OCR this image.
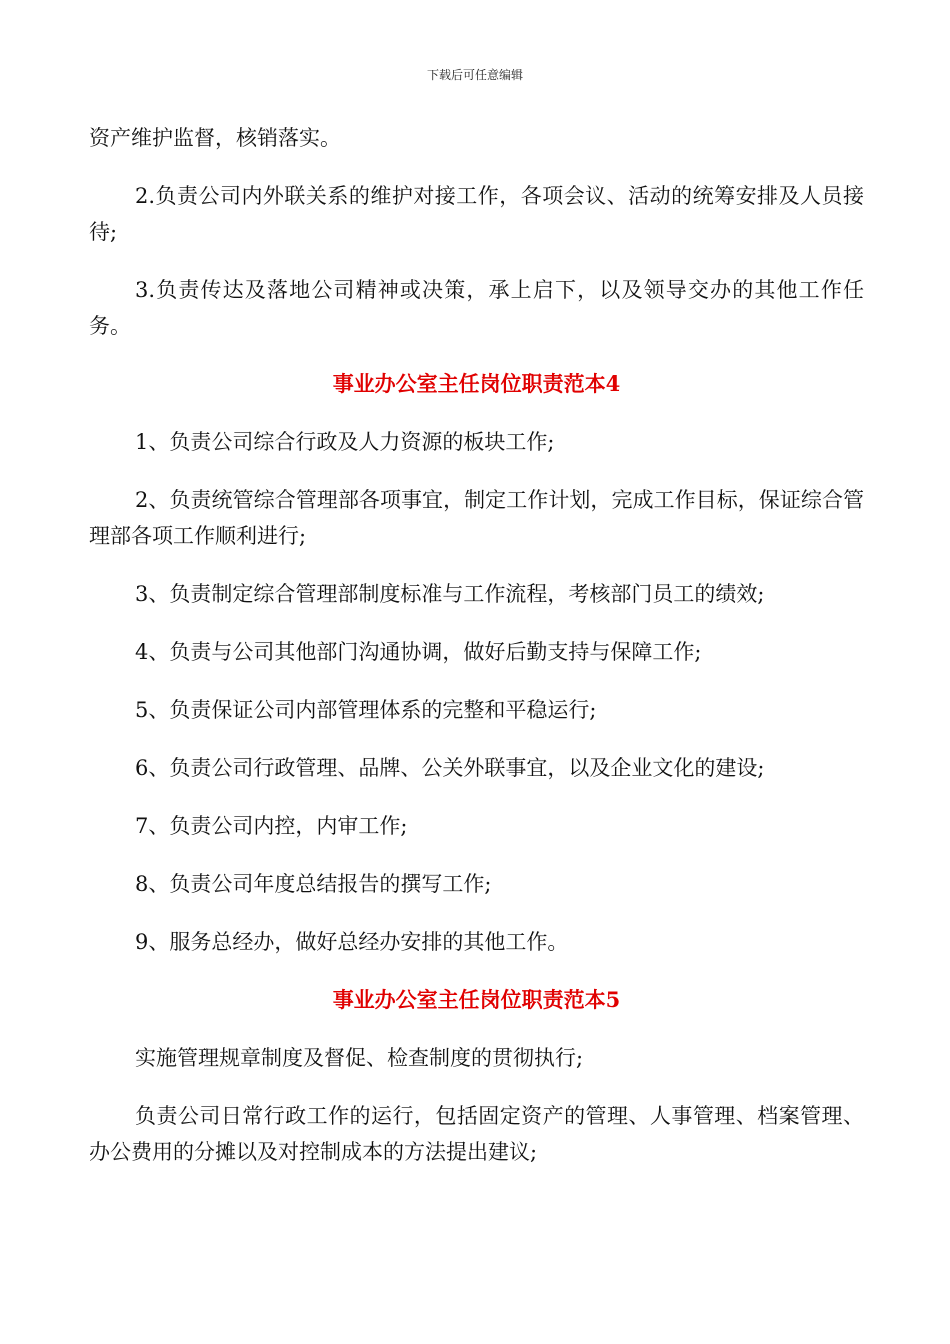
下载后可任意编辑

资产维护监督，核销落实。

2.负责公司内外联关系的维护对接工作，各项会议、活动的统筹安排及人员接待;

3.负责传达及落地公司精神或决策，承上启下，以及领导交办的其他工作任务。

事业办公室主任岗位职责范本4

1、负责公司综合行政及人力资源的板块工作;

2、负责统管综合管理部各项事宜，制定工作计划，完成工作目标，保证综合管理部各项工作顺利进行;

3、负责制定综合管理部制度标准与工作流程，考核部门员工的绩效;

4、负责与公司其他部门沟通协调，做好后勤支持与保障工作;

5、负责保证公司内部管理体系的完整和平稳运行;

6、负责公司行政管理、品牌、公关外联事宜，以及企业文化的建设;

7、负责公司内控，内审工作;

8、负责公司年度总结报告的撰写工作;

9、服务总经办，做好总经办安排的其他工作。

事业办公室主任岗位职责范本5

实施管理规章制度及督促、检查制度的贯彻执行;

负责公司日常行政工作的运行，包括固定资产的管理、人事管理、档案管理、办公费用的分摊以及对控制成本的方法提出建议;
